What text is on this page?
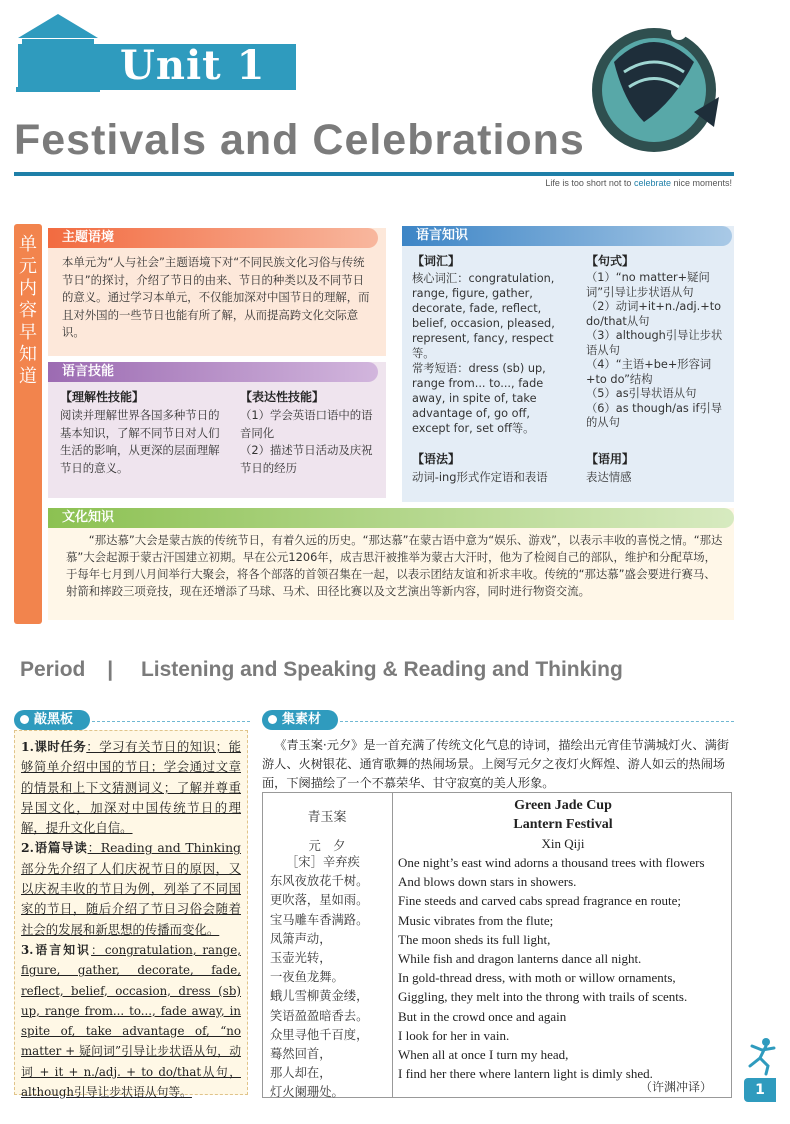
Unit 1
Festivals and Celebrations
Life is too short not to celebrate nice moments!
单元内容早知道
主题语境
本单元为“人与社会”主题语境下对“不同民族文化习俗与传统节日”的探讨，介绍了节日的由来、节日的种类以及不同节日的意义。通过学习本单元，不仅能加深对中国节日的理解，而且对外国的一些节日也能有所了解，从而提高跨文化交际意识。
语言技能
【理解性技能】
阅读并理解世界各国多种节日的基本知识，了解不同节日对人们生活的影响，从更深的层面理解节日的意义。
【表达性技能】
（1）学会英语口语中的语音同化
（2）描述节日活动及庆祝节日的经历
语言知识
【词汇】
核心词汇：congratulation, range, figure, gather, decorate, fade, reflect, belief, occasion, pleased, represent, fancy, respect等。
常考短语：dress (sb) up, range from... to..., fade away, in spite of, take advantage of, go off, except for, set off等。
【句式】
（1）“no matter+疑问词”引导让步状语从句
（2）动词+it+n./adj.+to do/that从句
（3）although引导让步状语从句
（4）“主语+be+形容词+to do”结构
（5）as引导状语从句
（6）as though/as if引导的从句
【语法】
动词-ing形式作定语和表语
【语用】
表达情感
文化知识
“那达慕”大会是蒙古族的传统节日，有着久远的历史。“那达慕”在蒙古语中意为“娱乐、游戏”，以表示丰收的喜悦之情。“那达慕”大会起源于蒙古汗国建立初期。早在公元1206年，成吉思汗被推举为蒙古大汗时，他为了检阅自己的部队，维护和分配草场，于每年七月到八月间举行大聚会，将各个部落的首领召集在一起，以表示团结友谊和祈求丰收。传统的“那达慕”盛会要进行赛马、射箭和摔跤三项竞技，现在还增添了马球、马术、田径比赛以及文艺演出等新内容，同时进行物资交流。
Period | Listening and Speaking & Reading and Thinking
敲黑板

1.课时任务：学习有关节日的知识；能够简单介绍中国的节日；学会通过文章的情景和上下文猜测词义；了解并尊重异国文化，加深对中国传统节日的理解，提升文化自信。

2.语篇导读：Reading and Thinking部分先介绍了人们庆祝节日的原因，又以庆祝丰收的节日为例，列举了不同国家的节日，随后介绍了节日习俗会随着社会的发展和新思想的传播而变化。

3.语言知识：congratulation, range, figure, gather, decorate, fade, reflect, belief, occasion, dress (sb) up, range from... to..., fade away, in spite of, take advantage of, “no matter + 疑问词”引导让步状语从句，动词 + it + n./adj. + to do/that从句，although引导让步状语从句等。

集素材
《青玉案·元夕》是一首充满了传统文化气息的诗词，描绘出元宵佳节满城灯火、满街游人、火树银花、通宵歌舞的热闹场景。上阕写元夕之夜灯火辉煌、游人如云的热闹场面，下阕描绘了一个不慕荣华、甘守寂寞的美人形象。
青玉案
元　夕
［宋］辛弃疾
东风夜放花千树。
更吹落，星如雨。
宝马雕车香满路。
凤箫声动，
玉壶光转，
一夜鱼龙舞。
蛾儿雪柳黄金缕，
笑语盈盈暗香去。
众里寻他千百度，
蓦然回首，
那人却在，
灯火阑珊处。
Green Jade Cup
Lantern Festival
Xin Qiji
One night’s east wind adorns a thousand trees with flowers
And blows down stars in showers.
Fine steeds and carved cabs spread fragrance en route;
Music vibrates from the flute;
The moon sheds its full light,
While fish and dragon lanterns dance all night.
In gold-thread dress, with moth or willow ornaments,
Giggling, they melt into the throng with trails of scents.
But in the crowd once and again
I look for her in vain.
When all at once I turn my head,
I find her there where lantern light is dimly shed.
（许渊冲译）	1
